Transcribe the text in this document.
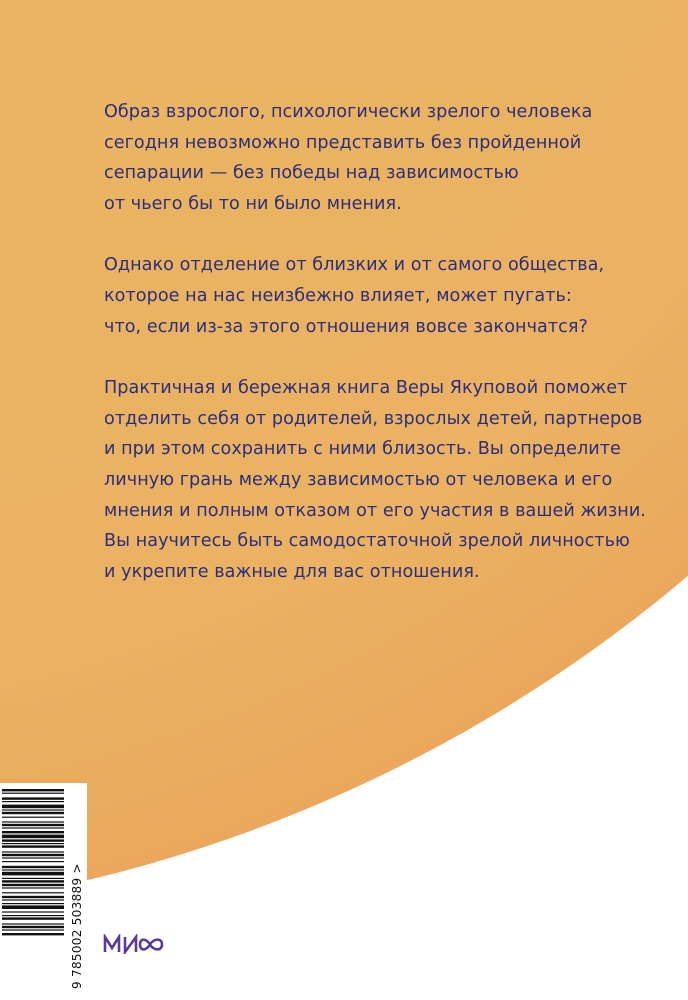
Образ взрослого, психологически зрелого человека
сегодня невозможно представить без пройденной
сепарации — без победы над зависимостью
от чьего бы то ни было мнения.

Однако отделение от близких и от самого общества,
которое на нас неизбежно влияет, может пугать:
что, если из-за этого отношения вовсе закончатся?

Практичная и бережная книга Веры Якуповой поможет
отделить себя от родителей, взрослых детей, партнеров
и при этом сохранить с ними близость. Вы определите
личную грань между зависимостью от человека и его
мнения и полным отказом от его участия в вашей жизни.
Вы научитесь быть самодостаточной зрелой личностью
и укрепите важные для вас отношения.

9 785002 503889 >
